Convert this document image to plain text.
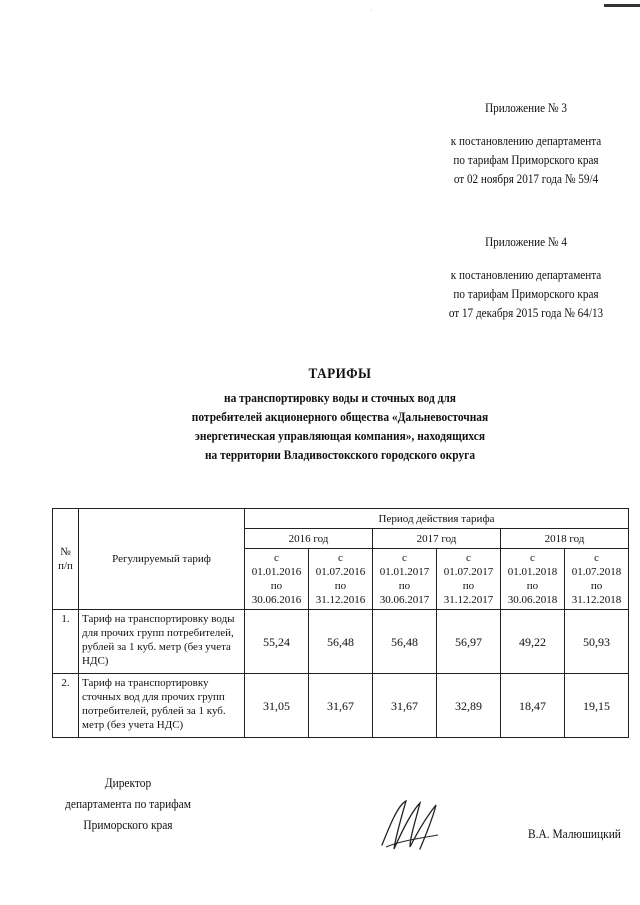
Приложение № 3
к постановлению департамента
по тарифам Приморского края
от 02 ноября 2017 года № 59/4
Приложение № 4
к постановлению департамента
по тарифам Приморского края
от 17 декабря 2015 года № 64/13
ТАРИФЫ
на транспортировку воды и сточных вод для
потребителей акционерного общества «Дальневосточная
энергетическая управляющая компания», находящихся
на территории Владивостокского городского округа
№
п/п	Регулируемый тариф	Период действия тарифа					
		2016 год		2017 год		2018 год	
		с 01.01.2016 по 30.06.2016	с 01.07.2016 по 31.12.2016	с 01.01.2017 по 30.06.2017	с 01.07.2017 по 31.12.2017	с 01.01.2018 по 30.06.2018	с 01.07.2018 по 31.12.2018
1.	Тариф на транспортировку воды для прочих групп потребителей, рублей за 1 куб. метр (без учета НДС)	55,24	56,48	56,48	56,97	49,22	50,93
2.	Тариф на транспортировку сточных вод для прочих групп потребителей, рублей за 1 куб. метр (без учета НДС)	31,05	31,67	31,67	32,89	18,47	19,15
Директор
департамента по тарифам
Приморского края
В.А. Малюшицкий
·
